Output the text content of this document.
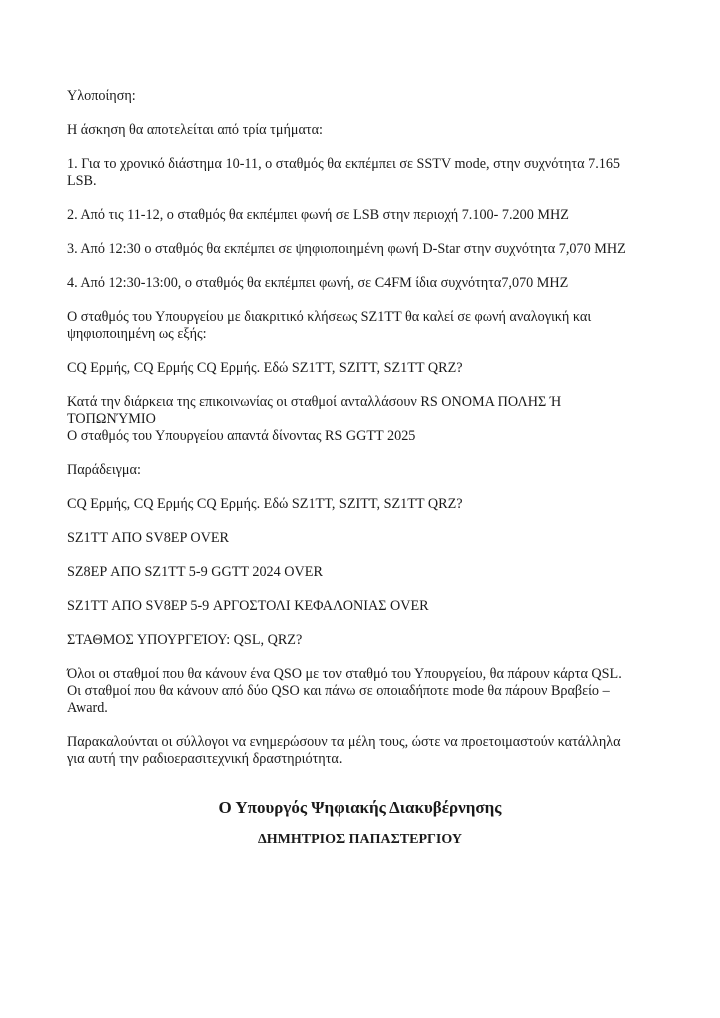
Υλοποίηση:

Η άσκηση θα αποτελείται από τρία τμήματα:

1. Για το χρονικό διάστημα 10-11, ο σταθμός θα εκπέμπει σε SSTV mode, στην συχνότητα 7.165
LSB.

2. Από τις 11-12, ο σταθμός θα εκπέμπει φωνή σε LSB στην περιοχή 7.100- 7.200 MHZ

3. Από 12:30 ο σταθμός θα εκπέμπει σε ψηφιοποιημένη φωνή D-Star στην συχνότητα 7,070 MHZ

4. Από 12:30-13:00, ο σταθμός θα εκπέμπει φωνή, σε C4FM ίδια συχνότητα7,070 MHZ

Ο σταθμός του Υπουργείου με διακριτικό κλήσεως SZ1TT θα καλεί σε φωνή αναλογική και
ψηφιοποιημένη ως εξής:

CQ Ερμής, CQ Ερμής CQ Ερμής. Εδώ SZ1TT, SZITT, SZ1TT QRZ?

Κατά την διάρκεια της επικοινωνίας οι σταθμοί ανταλλάσουν RS ΟΝΟΜΑ ΠΟΛΗΣ Ή
ΤΟΠΩΝΎΜΙΟ
Ο σταθμός του Υπουργείου απαντά δίνοντας RS GGTT 2025

Παράδειγμα:

CQ Ερμής, CQ Ερμής CQ Ερμής. Εδώ SZ1TT, SZITT, SZ1TT QRZ?

SZ1TT ΑΠΟ SV8EP OVER

SZ8EP ΑΠΟ SZ1TT 5-9 GGTT 2024 OVER

SZ1TT ΑΠΟ SV8EP 5-9 ΑΡΓΟΣΤΟΛΙ ΚΕΦΑΛΟΝΙΑΣ OVER

ΣΤΑΘΜΟΣ ΥΠΟΥΡΓΕΊΟΥ: QSL, QRZ?

Όλοι οι σταθμοί που θα κάνουν ένα QSO με τον σταθμό του Υπουργείου, θα πάρουν κάρτα QSL.
Οι σταθμοί που θα κάνουν από δύο QSO και πάνω σε οποιαδήποτε mode θα πάρουν Βραβείο –
Award.

Παρακαλούνται οι σύλλογοι να ενημερώσουν τα μέλη τους, ώστε να προετοιμαστούν κατάλληλα
για αυτή την ραδιοερασιτεχνική δραστηριότητα.

Ο Υπουργός Ψηφιακής Διακυβέρνησης

ΔΗΜΗΤΡΙΟΣ ΠΑΠΑΣΤΕΡΓΙΟΥ
